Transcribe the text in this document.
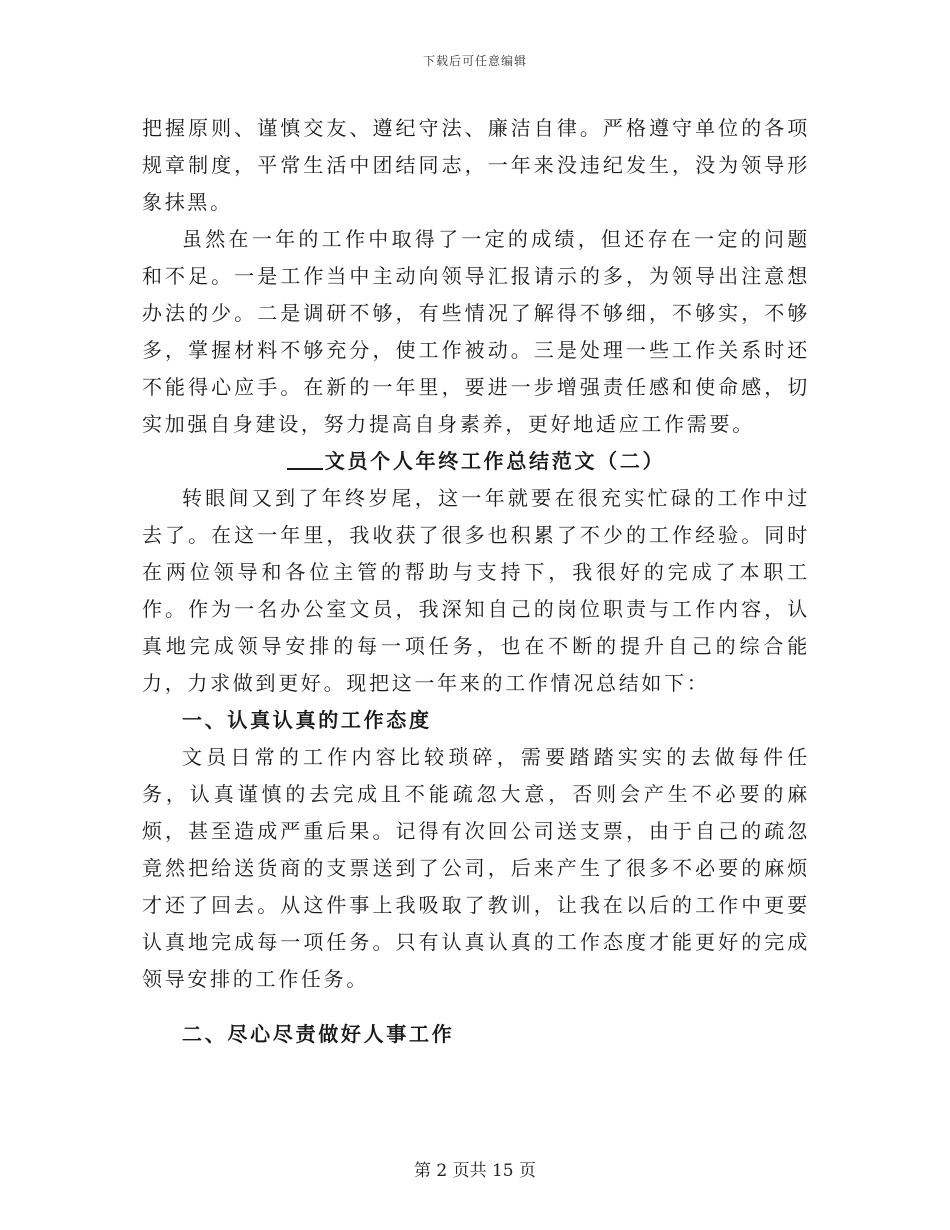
下载后可任意编辑

把握原则、谨慎交友、遵纪守法、廉洁自律。严格遵守单位的各项规章制度，平常生活中团结同志，一年来没违纪发生，没为领导形象抹黑。

虽然在一年的工作中取得了一定的成绩，但还存在一定的问题和不足。一是工作当中主动向领导汇报请示的多，为领导出注意想办法的少。二是调研不够，有些情况了解得不够细，不够实，不够多，掌握材料不够充分，使工作被动。三是处理一些工作关系时还不能得心应手。在新的一年里，要进一步增强责任感和使命感，切实加强自身建设，努力提高自身素养，更好地适应工作需要。

文员个人年终工作总结范文（二）

转眼间又到了年终岁尾，这一年就要在很充实忙碌的工作中过去了。在这一年里，我收获了很多也积累了不少的工作经验。同时在两位领导和各位主管的帮助与支持下，我很好的完成了本职工作。作为一名办公室文员，我深知自己的岗位职责与工作内容，认真地完成领导安排的每一项任务，也在不断的提升自己的综合能力，力求做到更好。现把这一年来的工作情况总结如下：

一、认真认真的工作态度

文员日常的工作内容比较琐碎，需要踏踏实实的去做每件任务，认真谨慎的去完成且不能疏忽大意，否则会产生不必要的麻烦，甚至造成严重后果。记得有次回公司送支票，由于自己的疏忽竟然把给送货商的支票送到了公司，后来产生了很多不必要的麻烦才还了回去。从这件事上我吸取了教训，让我在以后的工作中更要认真地完成每一项任务。只有认真认真的工作态度才能更好的完成领导安排的工作任务。

二、尽心尽责做好人事工作

第 2 页共 15 页
